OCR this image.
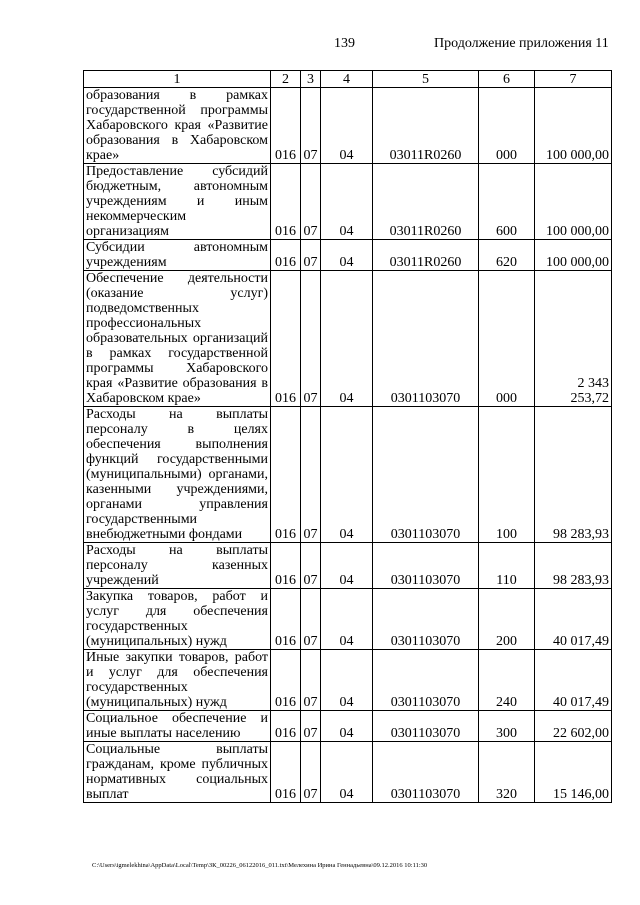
139	Продолжение приложения 11
1	2	3	4	5	6	7
образования в рамках государственной программы Хабаровского края «Развитие образования в Хабаровском крае»	016	07	04	03011R0260	000	100 000,00
Предоставление субсидий бюджетным, автономным учреждениям и иным некоммерческим организациям	016	07	04	03011R0260	600	100 000,00
Субсидии автономным учреждениям	016	07	04	03011R0260	620	100 000,00
Обеспечение деятельности (оказание услуг) подведомственных профессиональных образовательных организаций в рамках государственной программы Хабаровского края «Развитие образования в Хабаровском крае»	016	07	04	0301103070	000	2 343 253,72
Расходы на выплаты персоналу в целях обеспечения выполнения функций государственными (муниципальными) органами, казенными учреждениями, органами управления государственными внебюджетными фондами	016	07	04	0301103070	100	98 283,93
Расходы на выплаты персоналу казенных учреждений	016	07	04	0301103070	110	98 283,93
Закупка товаров, работ и услуг для обеспечения государственных (муниципальных) нужд	016	07	04	0301103070	200	40 017,49
Иные закупки товаров, работ и услуг для обеспечения государственных (муниципальных) нужд	016	07	04	0301103070	240	40 017,49
Социальное обеспечение и иные выплаты населению	016	07	04	0301103070	300	22 602,00
Социальные выплаты гражданам, кроме публичных нормативных социальных выплат	016	07	04	0301103070	320	15 146,00
C:\Users\igmelekhina\AppData\Local\Temp\ЗК_00226_06122016_011.txt\Мелехина Ирина Геннадьевна\09.12.2016 10:11:30
